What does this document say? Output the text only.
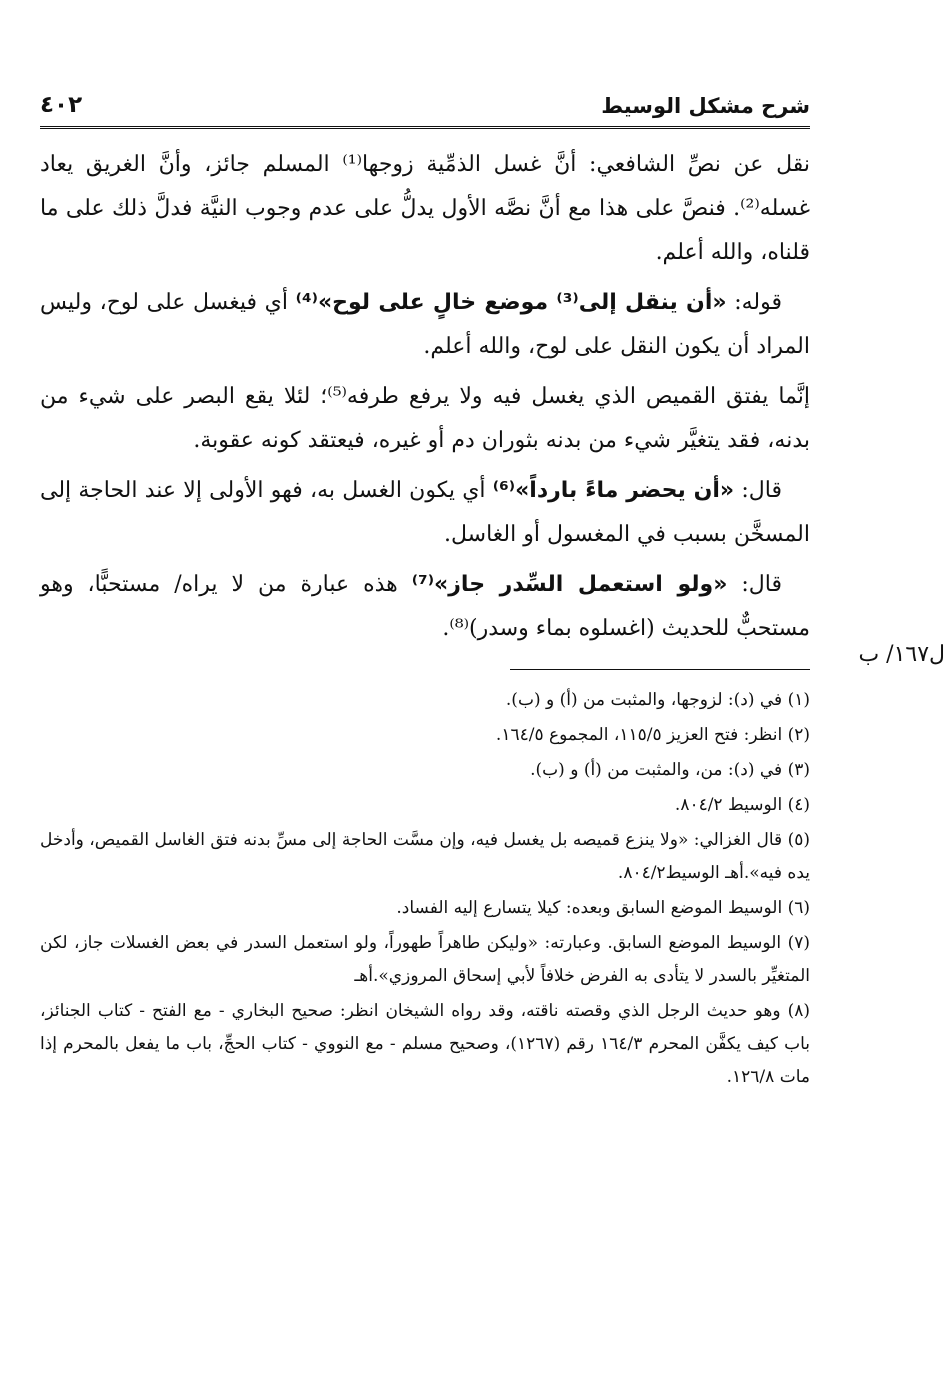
شرح مشكل الوسيط
٤٠٢

نقل عن نصِّ الشافعي: أنَّ غسل الذمِّية زوجها⁽¹⁾ المسلم جائز، وأنَّ الغريق يعاد غسله⁽²⁾. فنصَّ على هذا مع أنَّ نصَّه الأول يدلُّ على عدم وجوب النيَّة فدلَّ ذلك على ما قلناه، والله أعلم.

قوله: «أن ينقل إلى⁽³⁾ موضع خالٍ على لوح»⁽⁴⁾ أي فيغسل على لوح، وليس المراد أن يكون النقل على لوح، والله أعلم.

إنَّما يفتق القميص الذي يغسل فيه ولا يرفع طرفه⁽⁵⁾؛ لئلا يقع البصر على شيء من بدنه، فقد يتغيَّر شيء من بدنه بثوران دم أو غيره، فيعتقد كونه عقوبة.

قال: «أن يحضر ماءً بارداً»⁽⁶⁾ أي يكون الغسل به، فهو الأولى إلا عند الحاجة إلى المسخَّن بسبب في المغسول أو الغاسل.

قال: «ولو استعمل السِّدر جاز»⁽⁷⁾ هذه عبارة من لا يراه/ مستحبًّا، وهو مستحبٌّ للحديث (اغسلوه بماء وسدر)⁽⁸⁾.

(١) في (د): لزوجها، والمثبت من (أ) و (ب).

(٢) انظر: فتح العزيز ١١٥/٥، المجموع ١٦٤/٥.

(٣) في (د): من، والمثبت من (أ) و (ب).

(٤) الوسيط ٨٠٤/٢.

(٥) قال الغزالي: «ولا ينزع قميصه بل يغسل فيه، وإن مسَّت الحاجة إلى مسِّ بدنه فتق الغاسل القميص، وأدخل يده فيه».أهـ الوسيط٨٠٤/٢.

(٦) الوسيط الموضع السابق وبعده: كيلا يتسارع إليه الفساد.

(٧) الوسيط الموضع السابق. وعبارته: «وليكن طاهراً طهوراً، ولو استعمل السدر في بعض الغسلات جاز، لكن المتغيِّر بالسدر لا يتأدى به الفرض خلافاً لأبي إسحاق المروزي».أهـ

(٨) وهو حديث الرجل الذي وقصته ناقته، وقد رواه الشيخان انظر: صحيح البخاري - مع الفتح - كتاب الجنائز، باب كيف يكفَّن المحرم ١٦٤/٣ رقم (١٢٦٧)، وصحيح مسلم - مع النووي - كتاب الحجِّ، باب ما يفعل بالمحرم إذا مات ١٢٦/٨.

ل١٦٧/ ب
